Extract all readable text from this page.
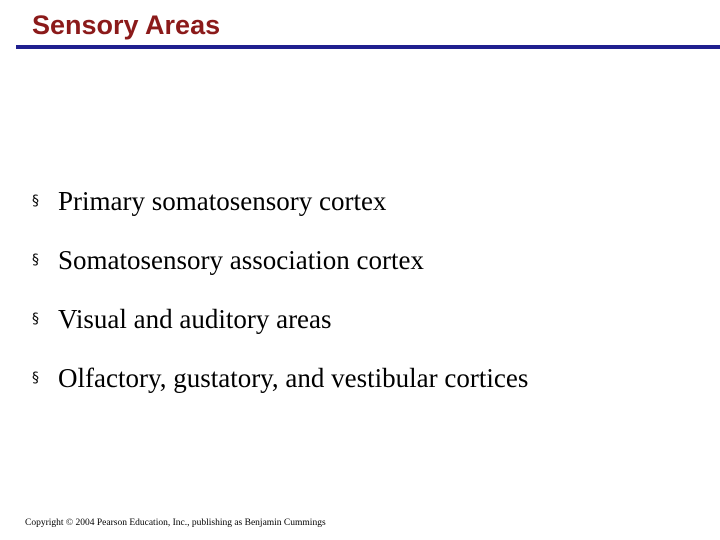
Sensory Areas
§ Primary somatosensory cortex
§ Somatosensory association cortex
§ Visual and auditory areas
§ Olfactory, gustatory, and vestibular cortices
Copyright © 2004 Pearson Education, Inc., publishing as Benjamin Cummings
